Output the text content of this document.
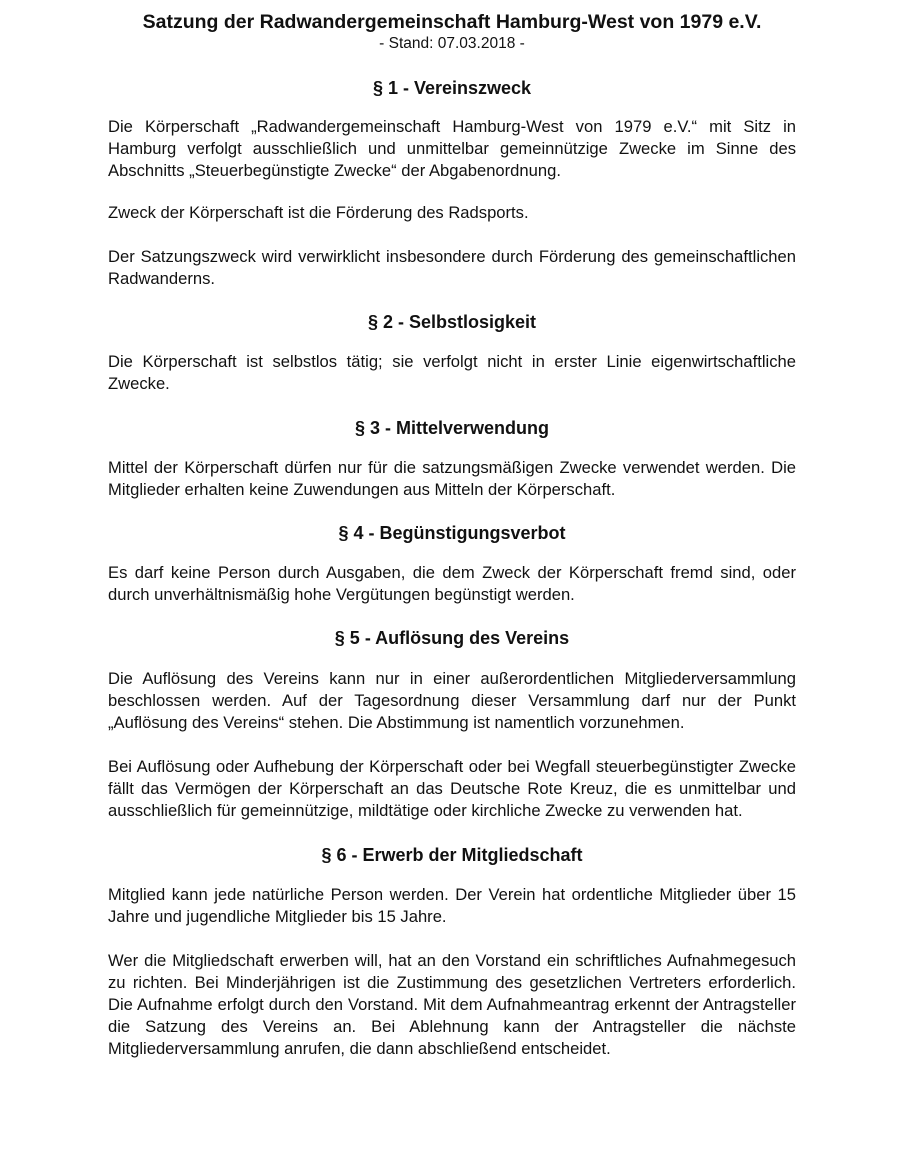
Satzung der Radwandergemeinschaft Hamburg-West von 1979 e.V.

- Stand: 07.03.2018 -

§ 1 - Vereinszweck

Die Körperschaft „Radwandergemeinschaft Hamburg-West von 1979 e.V.“ mit Sitz in Hamburg verfolgt ausschließlich und unmittelbar gemeinnützige Zwecke im Sinne des Abschnitts „Steuerbegünstigte Zwecke“ der Abgabenordnung.

Zweck der Körperschaft ist die Förderung des Radsports.

Der Satzungszweck wird verwirklicht insbesondere durch Förderung des gemeinschaftlichen Radwanderns.

§ 2 - Selbstlosigkeit

Die Körperschaft ist selbstlos tätig; sie verfolgt nicht in erster Linie eigenwirtschaftliche Zwecke.

§ 3 - Mittelverwendung

Mittel der Körperschaft dürfen nur für die satzungsmäßigen Zwecke verwendet werden. Die Mitglieder erhalten keine Zuwendungen aus Mitteln der Körperschaft.

§ 4 - Begünstigungsverbot

Es darf keine Person durch Ausgaben, die dem Zweck der Körperschaft fremd sind, oder durch unverhältnismäßig hohe Vergütungen begünstigt werden.

§ 5 - Auflösung des Vereins

Die Auflösung des Vereins kann nur in einer außerordentlichen Mitgliederversammlung beschlossen werden. Auf der Tagesordnung dieser Versammlung darf nur der Punkt „Auflösung des Vereins“ stehen. Die Abstimmung ist namentlich vorzunehmen.

Bei Auflösung oder Aufhebung der Körperschaft oder bei Wegfall steuerbegünstigter Zwecke fällt das Vermögen der Körperschaft an das Deutsche Rote Kreuz, die es unmittelbar und ausschließlich für gemeinnützige, mildtätige oder kirchliche Zwecke zu verwenden hat.

§ 6 - Erwerb der Mitgliedschaft

Mitglied kann jede natürliche Person werden. Der Verein hat ordentliche Mitglieder über 15 Jahre und jugendliche Mitglieder bis 15 Jahre.

Wer die Mitgliedschaft erwerben will, hat an den Vorstand ein schriftliches Aufnahmegesuch zu richten. Bei Minderjährigen ist die Zustimmung des gesetzlichen Vertreters erforderlich. Die Aufnahme erfolgt durch den Vorstand. Mit dem Aufnahmeantrag erkennt der Antragsteller die Satzung des Vereins an. Bei Ablehnung kann der Antragsteller die nächste Mitgliederversammlung anrufen, die dann abschließend entscheidet.
